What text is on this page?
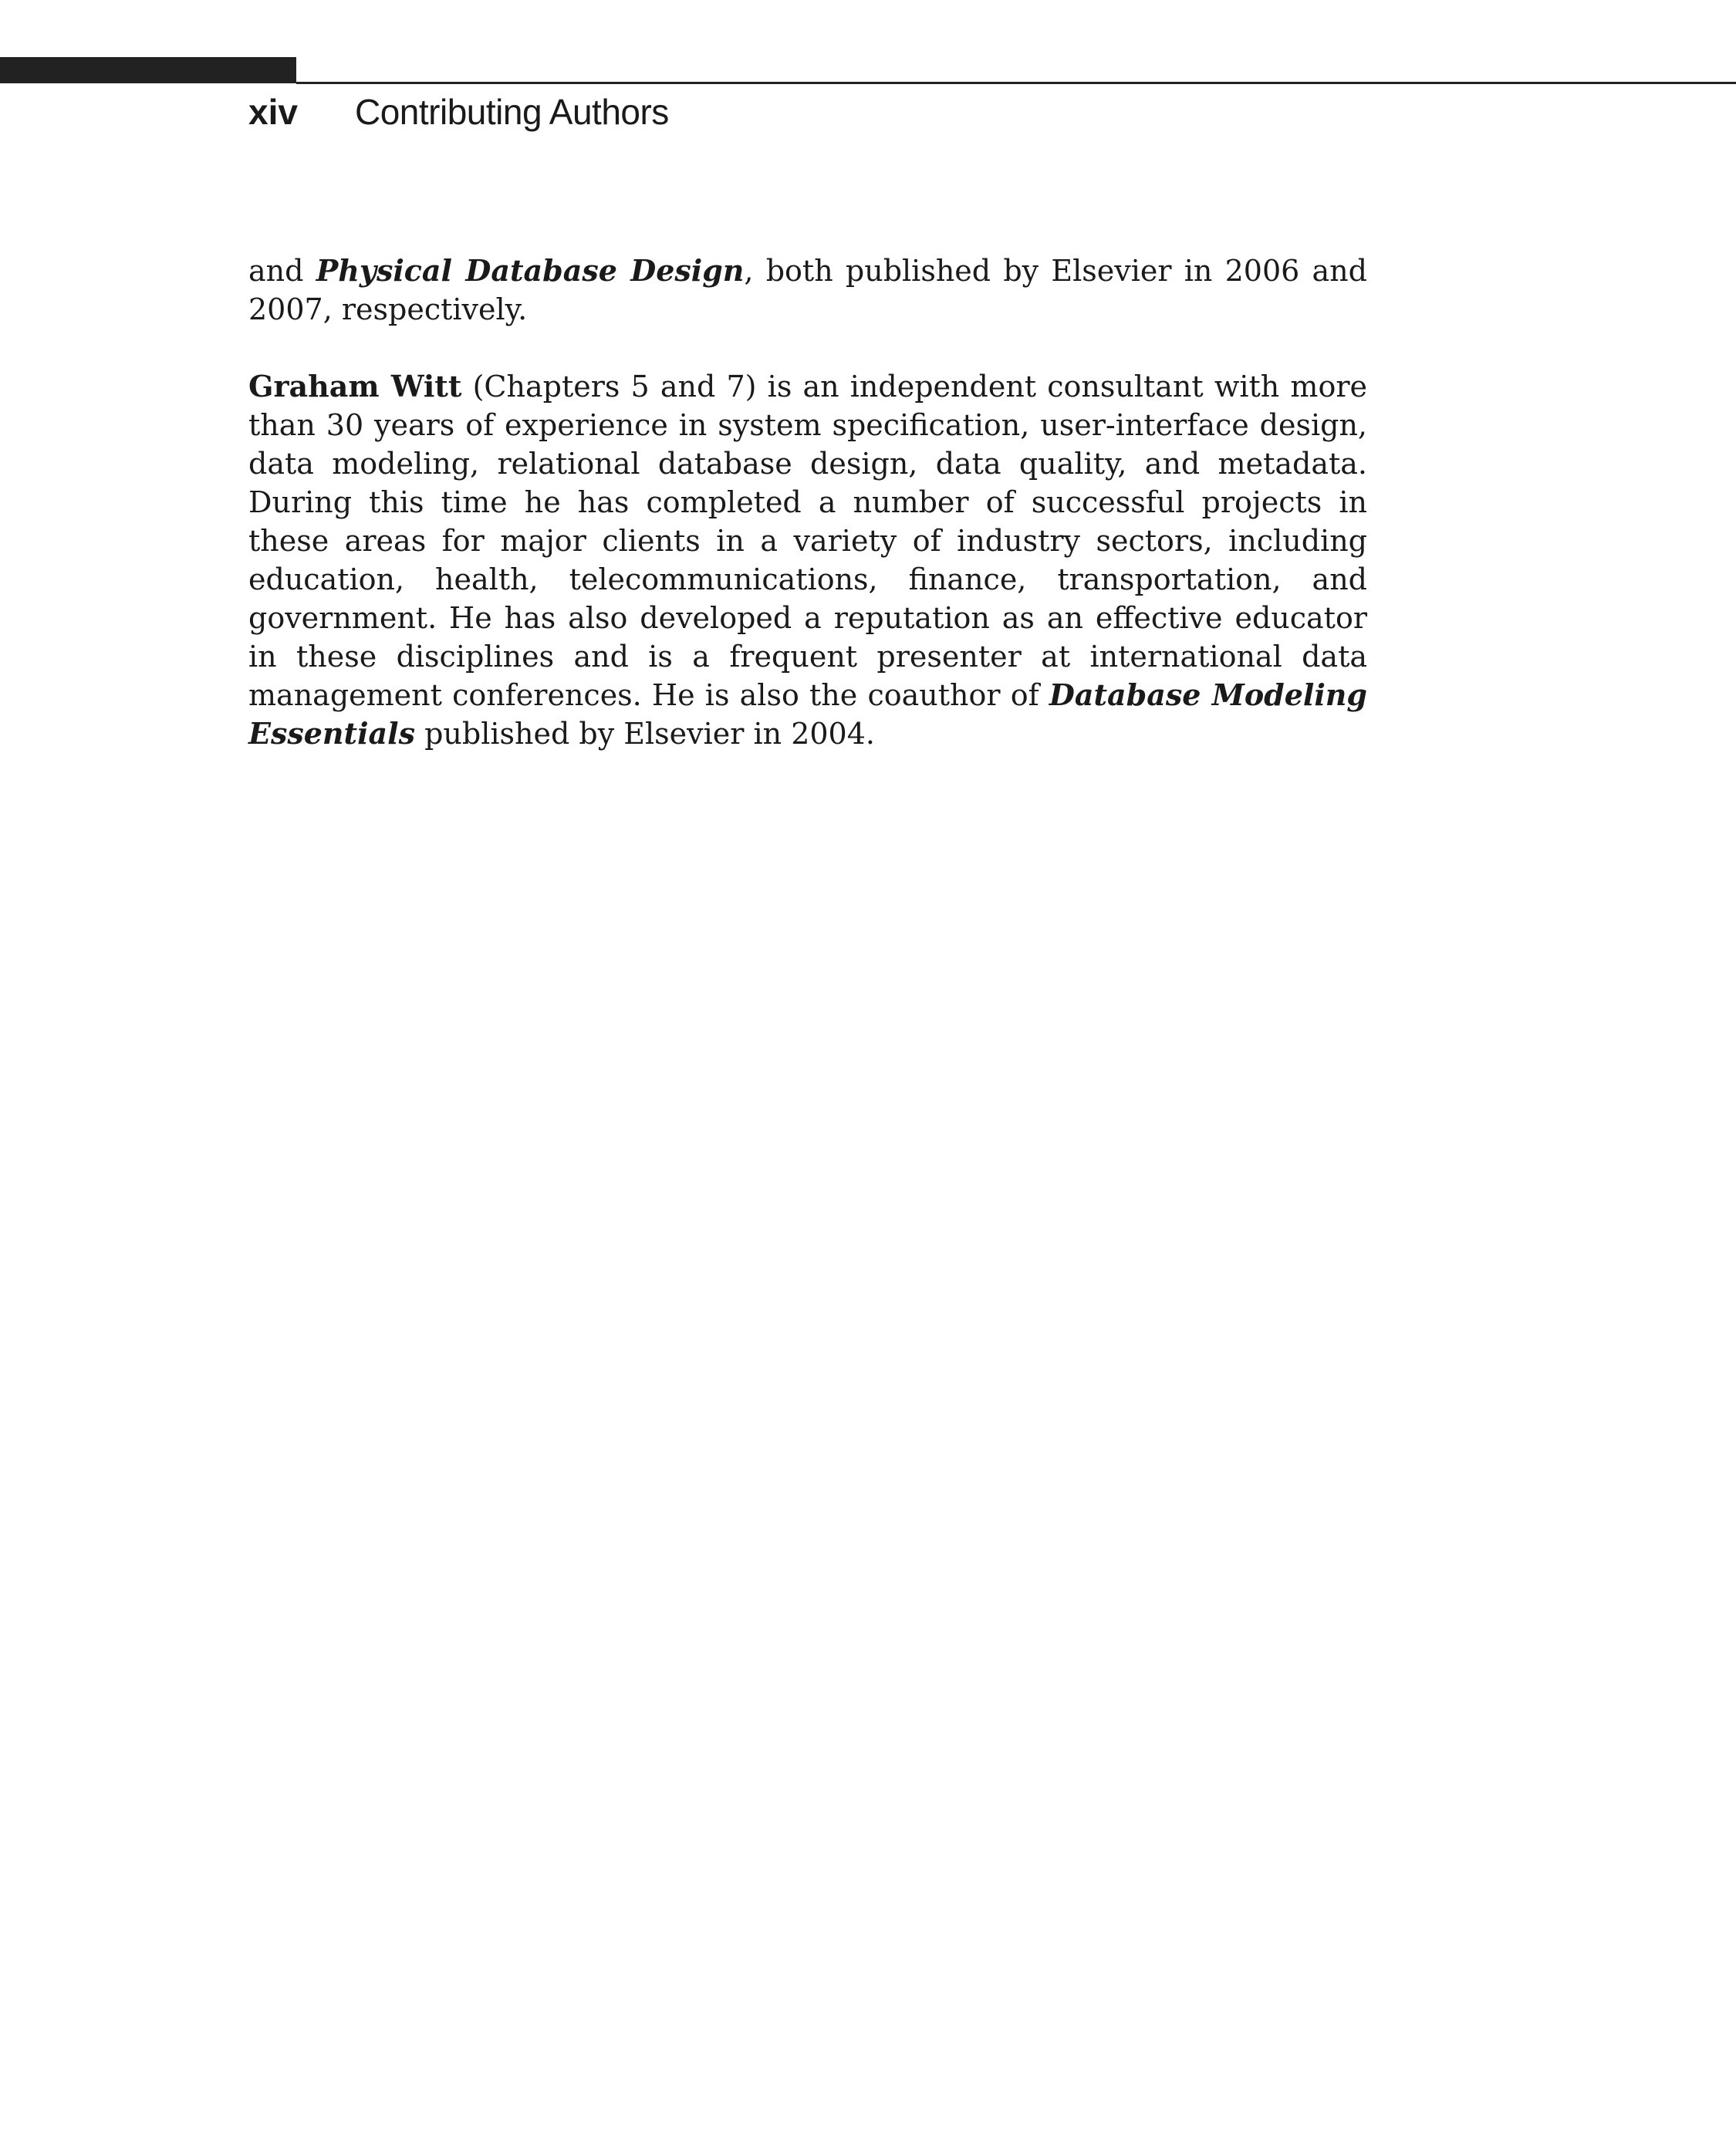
xiv	Contributing Authors

and Physical Database Design, both published by Elsevier in 2006 and 2007, respectively.

Graham Witt (Chapters 5 and 7) is an independent consultant with more than 30 years of experience in system specification, user-interface design, data modeling, relational database design, data quality, and metadata. During this time he has completed a number of successful projects in these areas for major clients in a variety of industry sectors, including education, health, telecommunications, finance, transportation, and government. He has also developed a reputation as an effective educator in these disciplines and is a frequent presenter at international data management conferences. He is also the coauthor of Database Modeling Essentials published by Elsevier in 2004.
